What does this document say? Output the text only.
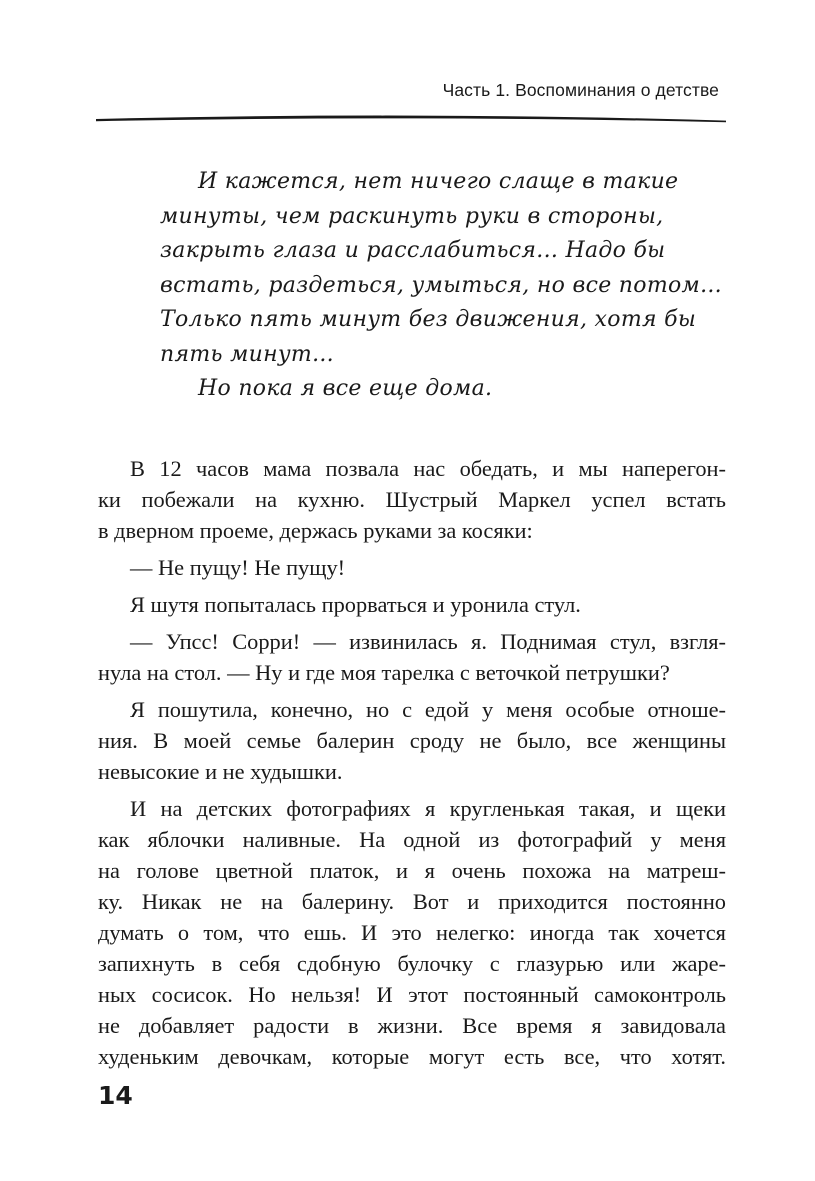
Часть 1. Воспоминания о детстве
И кажется, нет ничего слаще в такие
минуты, чем раскинуть руки в стороны,
закрыть глаза и расслабиться... Надо бы
встать, раздеться, умыться, но все потом...
Только пять минут без движения, хотя бы
пять минут...
Но пока я все еще дома.
В 12 часов мама позвала нас обедать, и мы наперегон-
ки побежали на кухню. Шустрый Маркел успел встать
в дверном проеме, держась руками за косяки:
— Не пущу! Не пущу!
Я шутя попыталась прорваться и уронила стул.
— Упсс! Сорри! — извинилась я. Поднимая стул, взгля-
нула на стол. — Ну и где моя тарелка с веточкой петрушки?
Я пошутила, конечно, но с едой у меня особые отноше-
ния. В моей семье балерин сроду не было, все женщины
невысокие и не худышки.
И на детских фотографиях я кругленькая такая, и щеки
как яблочки наливные. На одной из фотографий у меня
на голове цветной платок, и я очень похожа на матреш-
ку. Никак не на балерину. Вот и приходится постоянно
думать о том, что ешь. И это нелегко: иногда так хочется
запихнуть в себя сдобную булочку с глазурью или жаре-
ных сосисок. Но нельзя! И этот постоянный самоконтроль
не добавляет радости в жизни. Все время я завидовала
худеньким девочкам, которые могут есть все, что хотят.
14
